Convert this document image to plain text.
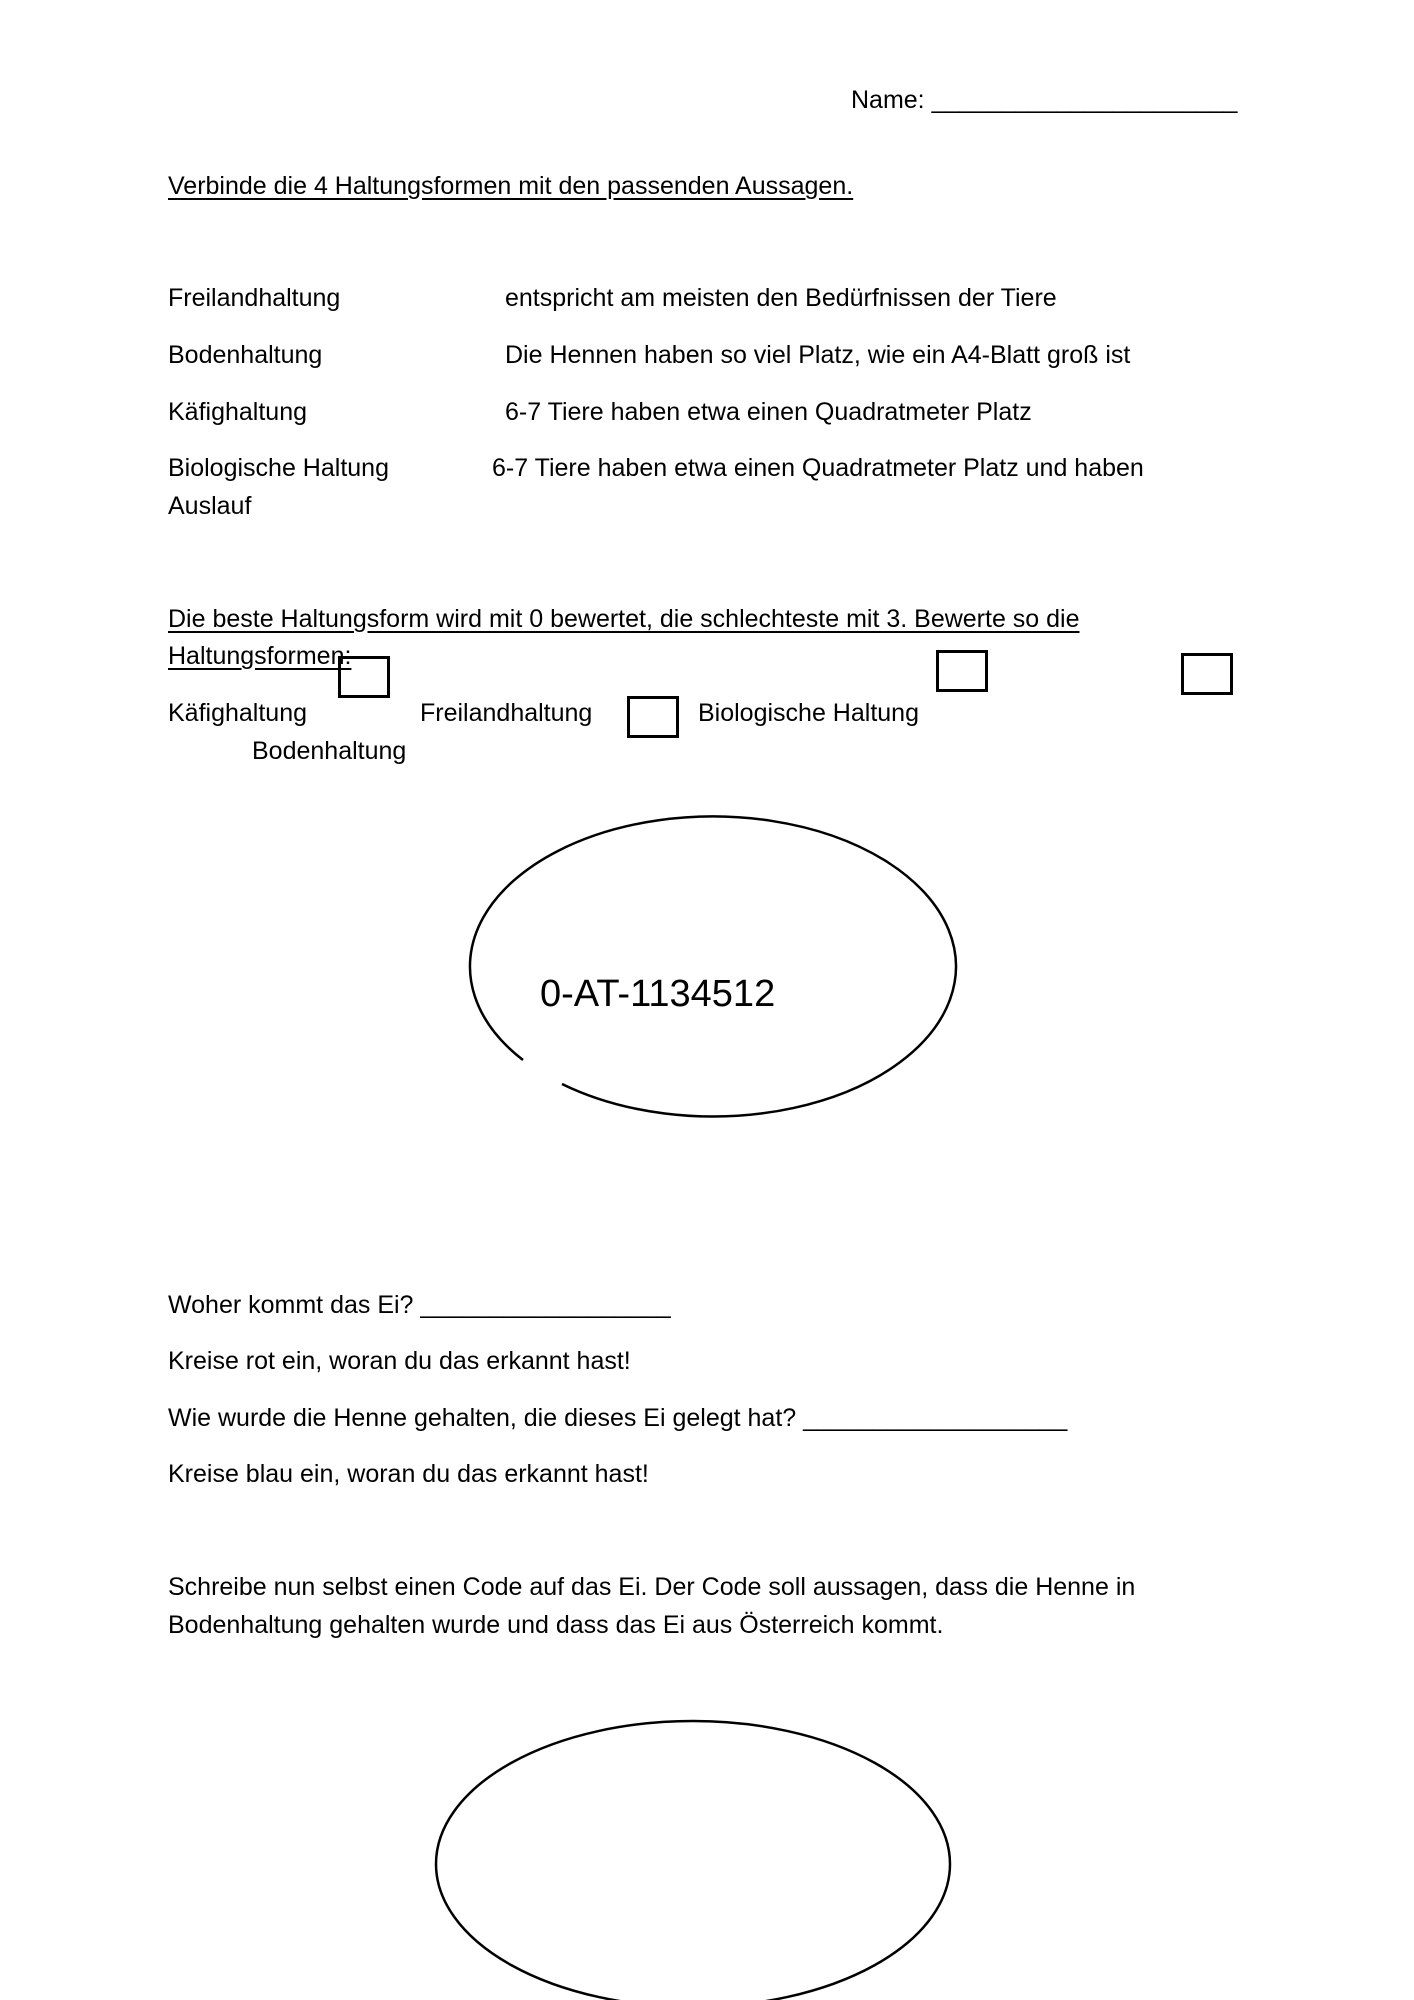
Name: ______________________
Verbinde die 4 Haltungsformen mit den passenden Aussagen.
Freilandhaltung
Bodenhaltung
Käfighaltung
Biologische Haltung
entspricht am meisten den Bedürfnissen der Tiere
Die Hennen haben so viel Platz, wie ein A4-Blatt groß ist
6-7 Tiere haben etwa einen Quadratmeter Platz
6-7 Tiere haben etwa einen Quadratmeter Platz und haben
Auslauf
Die beste Haltungsform wird mit 0 bewertet, die schlechteste mit 3. Bewerte so die
Haltungsformen:
Käfighaltung	Freilandhaltung	Biologische Haltung
Bodenhaltung
0-AT-1134512
Woher kommt das Ei? __________________
Kreise rot ein, woran du das erkannt hast!
Wie wurde die Henne gehalten, die dieses Ei gelegt hat? ___________________
Kreise blau ein, woran du das erkannt hast!
Schreibe nun selbst einen Code auf das Ei. Der Code soll aussagen, dass die Henne in
Bodenhaltung gehalten wurde und dass das Ei aus Österreich kommt.
